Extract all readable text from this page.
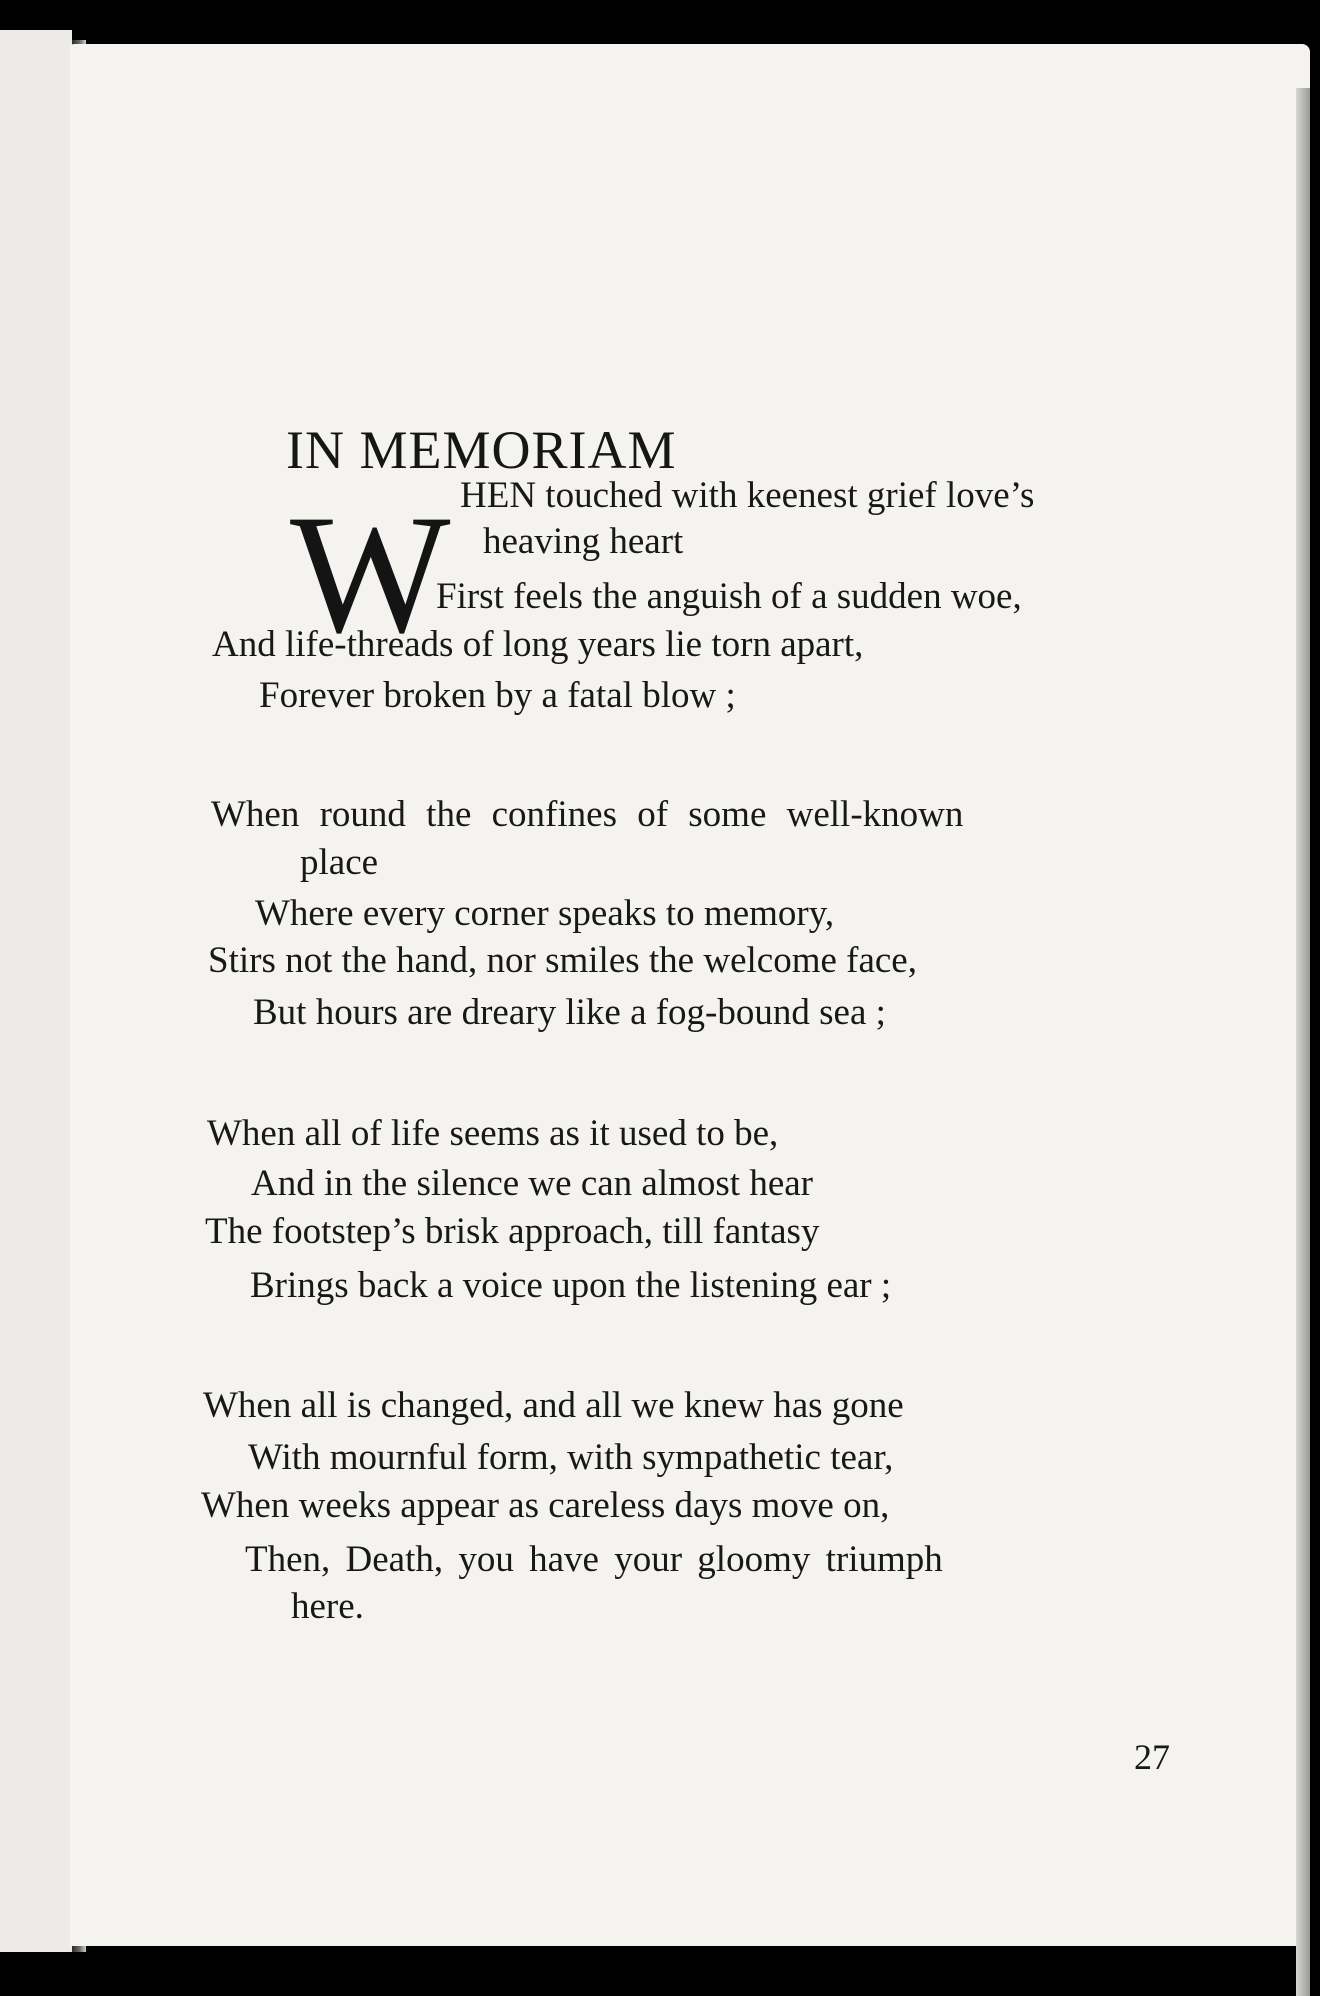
IN MEMORIAM
W HEN touched with keenest grief love’s

heaving heart

First feels the anguish of a sudden woe,

And life-threads of long years lie torn apart,

Forever broken by a fatal blow ;

When round the confines of some well-known

place

Where every corner speaks to memory,

Stirs not the hand, nor smiles the welcome face,

But hours are dreary like a fog-bound sea ;

When all of life seems as it used to be,

And in the silence we can almost hear

The footstep’s brisk approach, till fantasy

Brings back a voice upon the listening ear ;

When all is changed, and all we knew has gone

With mournful form, with sympathetic tear,

When weeks appear as careless days move on,

Then, Death, you have your gloomy triumph

here.

27
